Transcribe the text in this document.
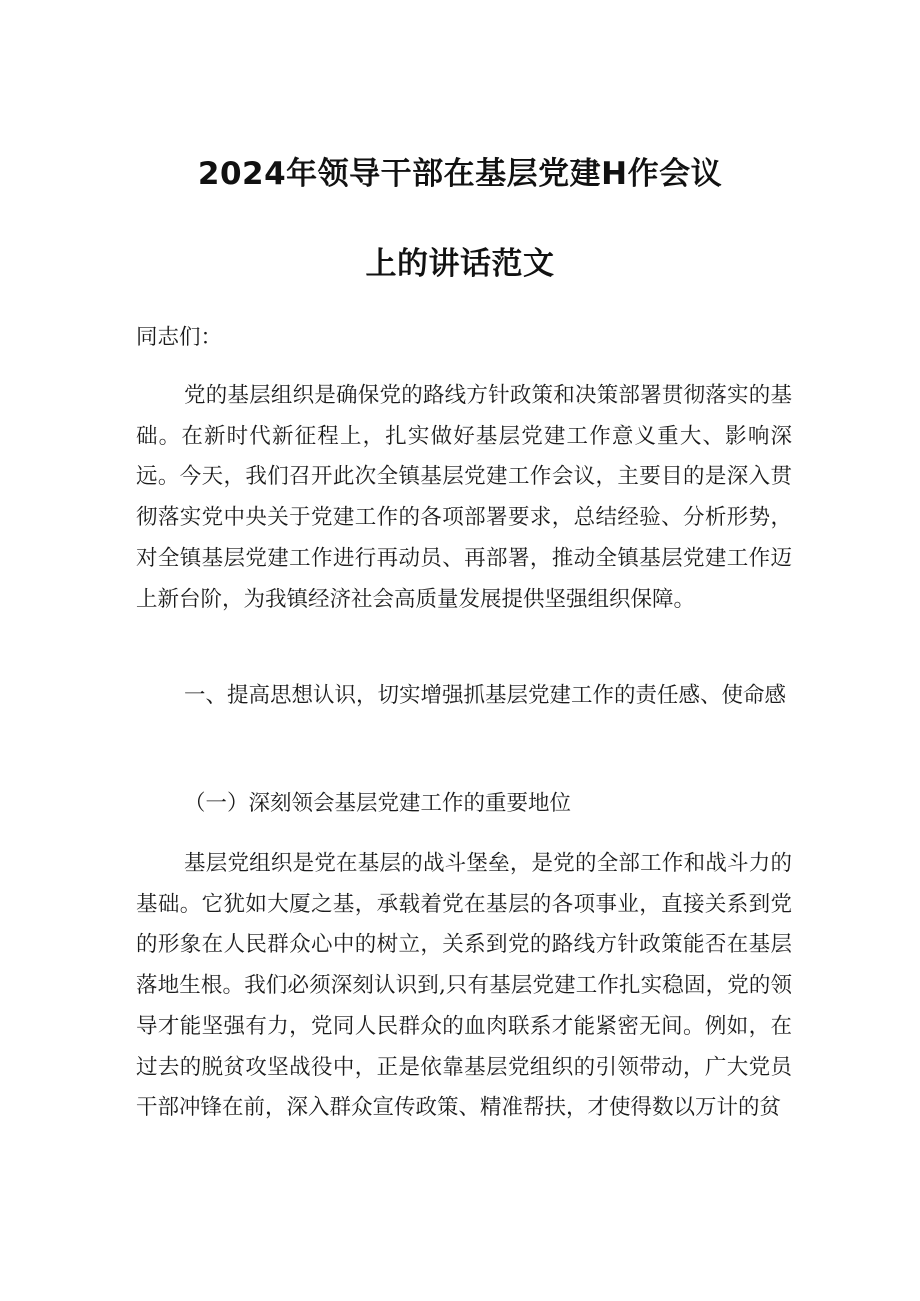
2024年领导干部在基层党建H作会议
上的讲话范文
同志们：
党的基层组织是确保党的路线方针政策和决策部署贯彻落实的基础。在新时代新征程上，扎实做好基层党建工作意义重大、影响深远。今天，我们召开此次全镇基层党建工作会议，主要目的是深入贯彻落实党中央关于党建工作的各项部署要求，总结经验、分析形势，对全镇基层党建工作进行再动员、再部署，推动全镇基层党建工作迈上新台阶，为我镇经济社会高质量发展提供坚强组织保障。
一、提高思想认识，切实增强抓基层党建工作的责任感、使命感
（一）深刻领会基层党建工作的重要地位
基层党组织是党在基层的战斗堡垒，是党的全部工作和战斗力的基础。它犹如大厦之基，承载着党在基层的各项事业，直接关系到党的形象在人民群众心中的树立，关系到党的路线方针政策能否在基层落地生根。我们必须深刻认识到,只有基层党建工作扎实稳固，党的领导才能坚强有力，党同人民群众的血肉联系才能紧密无间。例如，在过去的脱贫攻坚战役中，正是依靠基层党组织的引领带动，广大党员干部冲锋在前，深入群众宣传政策、精准帮扶，才使得数以万计的贫
